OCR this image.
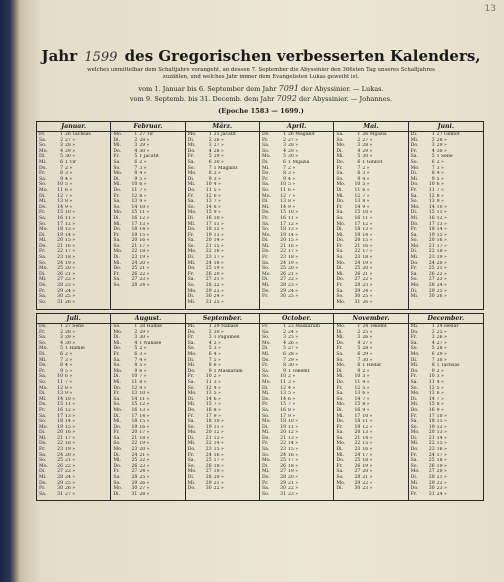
13
Jahr 1599 des Gregorischen verbesserten Kalenders,
welches unmittelbar dem Schaltjahre vorangeht, an dessen 7. September die Abyssinier den 366sten Tag unseres Schaltjahres
zuzählen, und welches Jahr immer dem Evangelisten Lukas geweiht ist.
vom 1. Januar bis 6. September dem Jahr 7091 der Abyssinier. — Lukas.
vom 9. Septemb. bis 31. Decemb. dem Jahr 7092 der Abyssinier. — Johannes.
(Epoche 1583 — 1699.)
Januar.
Fr.	1 26 Tachsas
Sa.	2 27 »
So.	3 28 »
Mo.	4 29 »
Di.	5 30 »
Mi.	6 1 Tir
Do.	7 2 »
Fr.	8 3 »
Sa.	9 4 »
So.	10 5 »
Mo.	11 6 »
Di.	12 7 »
Mi.	13 8 »
Do.	14 9 »
Fr.	15 10 »
Sa.	16 11 »
So.	17 12 »
Mo.	18 13 »
Di.	19 14 »
Mi.	20 15 »
Do.	21 16 »
Fr.	22 17 »
Sa.	23 18 »
So.	24 19 »
Mo.	25 20 »
Di.	26 21 »
Mi.	27 22 »
Do.	28 23 »
Fr.	29 24 »
Sa.	30 25 »
So.	31 26 »
Februar.
Mo.	1 27 Tir
Di.	2 28 »
Mi.	3 29 »
Do.	4 30 »
Fr.	5 1 Jacatit
Sa.	6 2 »
So.	7 3 »
Mo.	8 4 »
Di.	9 5 »
Mi.	10 6 »
Do.	11 7 »
Fr.	12 8 »
Sa.	13 9 »
So.	14 10 »
Mo.	15 11 »
Di.	16 12 »
Mi.	17 13 »
Do.	18 14 »
Fr.	19 15 »
Sa.	20 16 »
So.	21 17 »
Mo.	22 18 »
Di.	23 19 »
Mi.	24 20 »
Do.	25 21 »
Fr.	26 22 »
Sa.	27 23 »
So.	28 24 »
März.
Mo.	1 25 Jacatit
Di.	2 26 »
Mi.	3 27 »
Do.	4 28 »
Fr.	5 29 »
Sa.	6 30 »
So.	7 1 Magabit
Mo.	8 2 »
Di.	9 3 »
Mi.	10 4 »
Do.	11 5 »
Fr.	12 6 »
Sa.	13 7 »
So.	14 8 »
Mo.	15 9 »
Di.	16 10 »
Mi.	17 11 »
Do.	18 12 »
Fr.	19 13 »
Sa.	20 14 »
So.	21 15 »
Mo.	22 16 »
Di.	23 17 »
Mi.	24 18 »
Do.	25 19 »
Fr.	26 20 »
Sa.	27 21 »
So.	28 22 »
Mo.	29 23 »
Di.	30 24 »
Mi.	31 25 »
April.
Do.	1 26 Magabit
Fr.	2 27 »
Sa.	3 28 »
So.	4 29 »
Mo.	5 30 »
Di.	6 1 Mijazia
Mi.	7 2 »
Do.	8 3 »
Fr.	9 4 »
Sa.	10 5 »
So.	11 6 »
Mo.	12 7 »
Di.	13 8 »
Mi.	14 9 »
Do.	15 10 »
Fr.	16 11 »
Sa.	17 12 »
So.	18 13 »
Mo.	19 14 »
Di.	20 15 »
Mi.	21 16 »
Do.	22 17 »
Fr.	23 18 »
Sa.	24 19 »
So.	25 20 »
Mo.	26 21 »
Di.	27 22 »
Mi.	28 23 »
Do.	29 24 »
Fr.	30 25 »
Mai.
Sa.	1 26 Mijazia
So.	2 27 »
Mo.	3 28 »
Di.	4 29 »
Mi.	5 30 »
Do.	6 1 Ginbot
Fr.	7 2 »
Sa.	8 3 »
So.	9 4 »
Mo.	10 5 »
Di.	11 6 »
Mi.	12 7 »
Do.	13 8 »
Fr.	14 9 »
Sa.	15 10 »
So.	16 11 »
Mo.	17 12 »
Di.	18 13 »
Mi.	19 14 »
Do.	20 15 »
Fr.	21 16 »
Sa.	22 17 »
So.	23 18 »
Mo.	24 19 »
Di.	25 20 »
Mi.	26 21 »
Do.	27 22 »
Fr.	28 23 »
Sa.	29 24 »
So.	30 25 »
Mo.	31 26 »
Juni.
Di.	1 27 Ginbot
Mi.	2 28 »
Do.	3 29 »
Fr.	4 30 »
Sa.	5 1 Sene
So.	6 2 »
Mo.	7 3 »
Di.	8 4 »
Mi.	9 5 »
Do.	10 6 »
Fr.	11 7 »
Sa.	12 8 »
So.	13 9 »
Mo.	14 10 »
Di.	15 11 »
Mi.	16 12 »
Do.	17 13 »
Fr.	18 14 »
Sa.	19 15 »
So.	20 16 »
Mo.	21 17 »
Di.	22 18 »
Mi.	23 19 »
Do.	24 20 »
Fr.	25 21 »
Sa.	26 22 »
So.	27 23 »
Mo.	28 24 »
Di.	29 25 »
Mi.	30 26 »
Juli.
Do.	1 27 Sene
Fr.	2 28 »
Sa.	3 29 »
So.	4 30 »
Mo.	5 1 Hamle
Di.	6 2 »
Mi.	7 3 »
Do.	8 4 »
Fr.	9 5 »
Sa.	10 6 »
So.	11 7 »
Mo.	12 8 »
Di.	13 9 »
Mi.	14 10 »
Do.	15 11 »
Fr.	16 12 »
Sa.	17 13 »
So.	18 14 »
Mo.	19 15 »
Di.	20 16 »
Mi.	21 17 »
Do.	22 18 »
Fr.	23 19 »
Sa.	24 20 »
So.	25 21 »
Mo.	26 22 »
Di.	27 23 »
Mi.	28 24 »
Do.	29 25 »
Fr.	30 26 »
Sa.	31 27 »
August.
So.	1 28 Hamle
Mo.	2 29 »
Di.	3 30 »
Mi.	4 1 Nahase
Do.	5 2 »
Fr.	6 3 »
Sa.	7 4 »
So.	8 5 »
Mo.	9 6 »
Di.	10 7 »
Mi.	11 8 »
Do.	12 9 »
Fr.	13 10 »
Sa.	14 11 »
So.	15 12 »
Mo.	16 13 »
Di.	17 14 »
Mi.	18 15 »
Do.	19 16 »
Fr.	20 17 »
Sa.	21 18 »
So.	22 19 »
Mo.	23 20 »
Di.	24 21 »
Mi.	25 22 »
Do.	26 23 »
Fr.	27 24 »
Sa.	28 25 »
So.	29 26 »
Mo.	30 27 »
Di.	31 28 »
September.
Mi.	1 29 Nahase
Do.	2 30 »
Fr.	3 1 Pagumen
Sa.	4 2 »
So.	5 3 »
Mo.	6 4 »
Di.	7 5 »
Mi.	8 6 »
Do.	9 1 Maskaram
Fr.	10 2 »
Sa.	11 3 »
So.	12 4 »
Mo.	13 5 »
Di.	14 6 »
Mi.	15 7 »
Do.	16 8 »
Fr.	17 9 »
Sa.	18 10 »
So.	19 11 »
Mo.	20 12 »
Di.	21 13 »
Mi.	22 14 »
Do.	23 15 »
Fr.	24 16 »
Sa.	25 17 »
So.	26 18 »
Mo.	27 19 »
Di.	28 20 »
Mi.	29 21 »
Do.	30 22 »
October.
Fr.	1 23 Maskaram
Sa.	2 24 »
So.	3 25 »
Mo.	4 26 »
Di.	5 27 »
Mi.	6 28 »
Do.	7 29 »
Fr.	8 30 »
Sa.	9 1 Tekemt
So.	10 2 »
Mo.	11 3 »
Di.	12 4 »
Mi.	13 5 »
Do.	14 6 »
Fr.	15 7 »
Sa.	16 8 »
So.	17 9 »
Mo.	18 10 »
Di.	19 11 »
Mi.	20 12 »
Do.	21 13 »
Fr.	22 14 »
Sa.	23 15 »
So.	24 16 »
Mo.	25 17 »
Di.	26 18 »
Mi.	27 19 »
Do.	28 20 »
Fr.	29 21 »
Sa.	30 22 »
So.	31 23 »
November.
Mo.	1 24 Tekemt
Di.	2 25 »
Mi.	3 26 »
Do.	4 27 »
Fr.	5 28 »
Sa.	6 29 »
So.	7 30 »
Mo.	8 1 Hedar
Di.	9 2 »
Mi.	10 3 »
Do.	11 4 »
Fr.	12 5 »
Sa.	13 6 »
So.	14 7 »
Mo.	15 8 »
Di.	16 9 »
Mi.	17 10 »
Do.	18 11 »
Fr.	19 12 »
Sa.	20 13 »
So.	21 14 »
Mo.	22 15 »
Di.	23 16 »
Mi.	24 17 »
Do.	25 18 »
Fr.	26 19 »
Sa.	27 20 »
So.	28 21 »
Mo.	29 22 »
Di.	30 23 »
December.
Mi.	1 24 Hedar
Do.	2 25 »
Fr.	3 26 »
Sa.	4 27 »
So.	5 28 »
Mo.	6 29 »
Di.	7 30 »
Mi.	8 1 Tachsas
Do.	9 2 »
Fr.	10 3 »
Sa.	11 4 »
So.	12 5 »
Mo.	13 6 »
Di.	14 7 »
Mi.	15 8 »
Do.	16 9 »
Fr.	17 10 »
Sa.	18 11 »
So.	19 12 »
Mo.	20 13 »
Di.	21 14 »
Mi.	22 15 »
Do.	23 16 »
Fr.	24 17 »
Sa.	25 18 »
So.	26 19 »
Mo.	27 20 »
Di.	28 21 »
Mi.	29 22 »
Do.	30 23 »
Fr.	31 24 »
